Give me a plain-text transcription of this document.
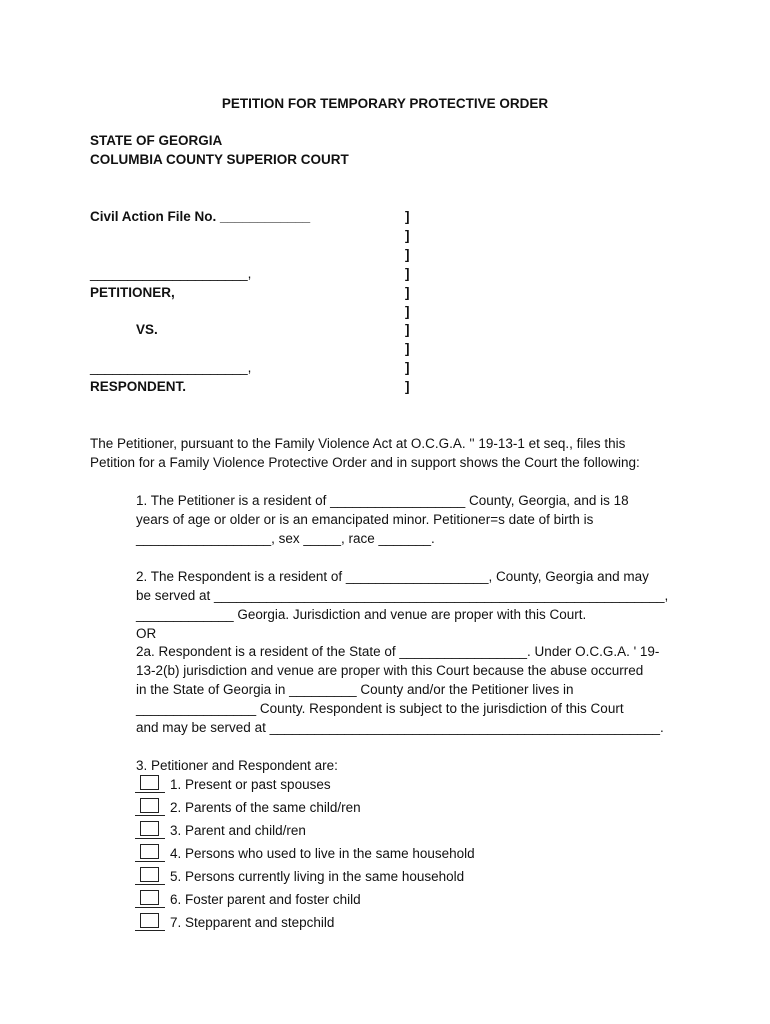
PETITION FOR TEMPORARY PROTECTIVE ORDER
STATE OF GEORGIA
COLUMBIA COUNTY SUPERIOR COURT
Civil Action File No. ____________
_____________________,
PETITIONER,
VS.
_____________________,
RESPONDENT.
]
]
]
]
]
]
]
]
]
]
The Petitioner, pursuant to the Family Violence Act at O.C.G.A. '' 19-13-1 et seq., files this
Petition for a Family Violence Protective Order and in support shows the Court the following:
1. The Petitioner is a resident of __________________ County, Georgia, and is 18
years of age or older or is an emancipated minor. Petitioner=s date of birth is
__________________, sex _____, race _______.
2. The Respondent is a resident of ___________________, County, Georgia and may
be served at ____________________________________________________________,
_____________ Georgia. Jurisdiction and venue are proper with this Court.
OR
2a. Respondent is a resident of the State of _________________. Under O.C.G.A. ' 19-
13-2(b) jurisdiction and venue are proper with this Court because the abuse occurred
in the State of Georgia in _________ County and/or the Petitioner lives in
________________ County. Respondent is subject to the jurisdiction of this Court
and may be served at ____________________________________________________.
3. Petitioner and Respondent are:
1. Present or past spouses
2. Parents of the same child/ren
3. Parent and child/ren
4. Persons who used to live in the same household
5. Persons currently living in the same household
6. Foster parent and foster child
7. Stepparent and stepchild
